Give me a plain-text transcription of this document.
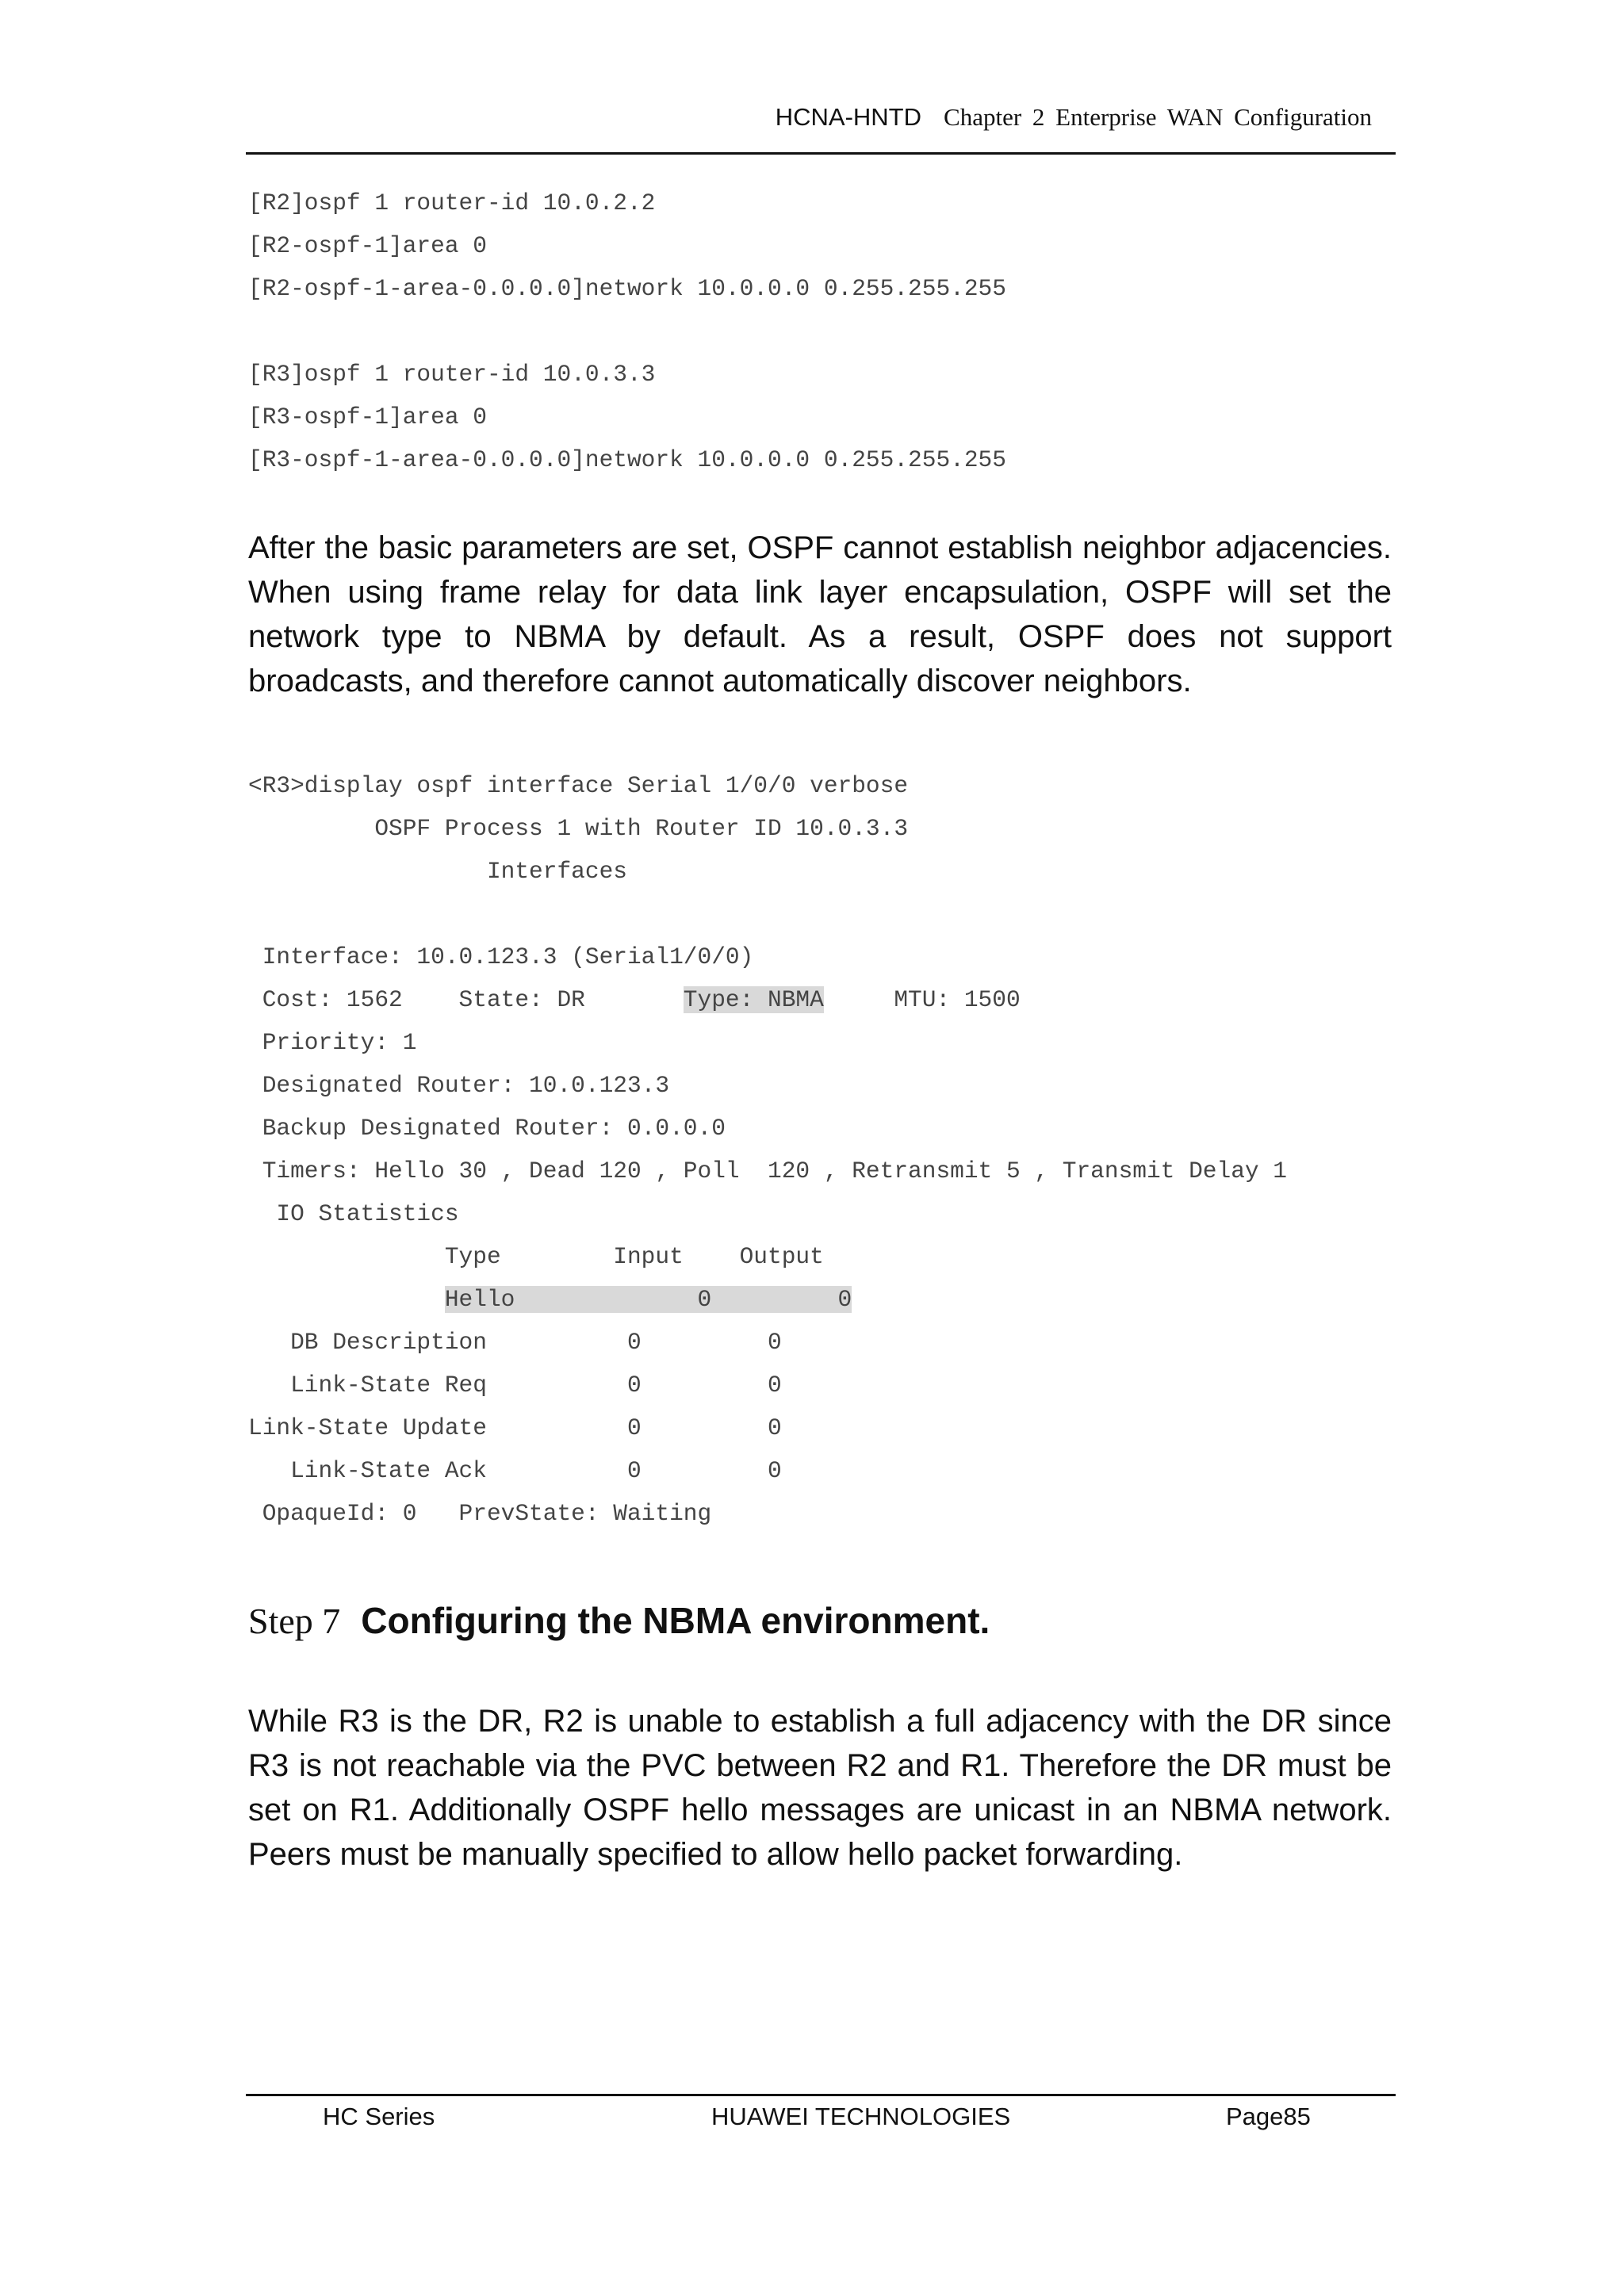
HCNA-HNTD Chapter 2 Enterprise WAN Configuration
[R2]ospf 1 router-id 10.0.2.2
[R2-ospf-1]area 0
[R2-ospf-1-area-0.0.0.0]network 10.0.0.0 0.255.255.255
[R3]ospf 1 router-id 10.0.3.3
[R3-ospf-1]area 0
[R3-ospf-1-area-0.0.0.0]network 10.0.0.0 0.255.255.255

After the basic parameters are set, OSPF cannot establish neighbor adjacencies. When using frame relay for data link layer encapsulation, OSPF will set the network type to NBMA by default. As a result, OSPF does not support broadcasts, and therefore cannot automatically discover neighbors.

<R3>display ospf interface Serial 1/0/0 verbose
OSPF Process 1 with Router ID 10.0.3.3
Interfaces
Interface: 10.0.123.3 (Serial1/0/0)
Cost: 1562    State: DR       Type: NBMA     MTU: 1500
Priority: 1
Designated Router: 10.0.123.3
Backup Designated Router: 0.0.0.0
Timers: Hello 30 , Dead 120 , Poll  120 , Retransmit 5 , Transmit Delay 1
IO Statistics
Type        Input    Output
Hello             0         0
DB Description          0         0
Link-State Req          0         0
Link-State Update          0         0
Link-State Ack          0         0
OpaqueId: 0   PrevState: Waiting
Step 7 Configuring the NBMA environment.

While R3 is the DR, R2 is unable to establish a full adjacency with the DR since R3 is not reachable via the PVC between R2 and R1. Therefore the DR must be set on R1. Additionally OSPF hello messages are unicast in an NBMA network. Peers must be manually specified to allow hello packet forwarding.

HC Series	HUAWEI TECHNOLOGIES	Page85
